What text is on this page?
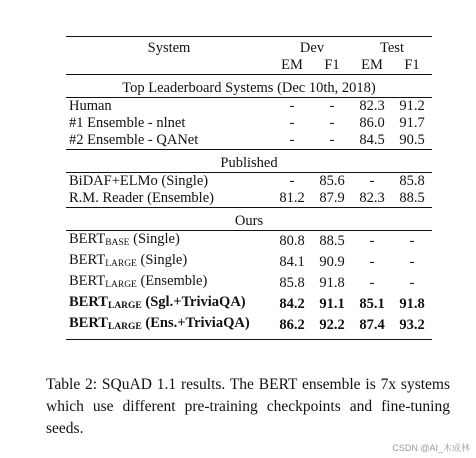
System	Dev		Test	
	EM	F1	EM	F1

Top Leaderboard Systems (Dec 10th, 2018)				

Human	-	-	82.3	91.2
#1 Ensemble - nlnet	-	-	86.0	91.7
#2 Ensemble - QANet	-	-	84.5	90.5

Published				

BiDAF+ELMo (Single)	-	85.6	-	85.8
R.M. Reader (Ensemble)	81.2	87.9	82.3	88.5

Ours				

$BERT_{BASE}$ (Single)	80.8	88.5	-	-
$BERT_{LARGE}$ (Single)	84.1	90.9	-	-
$BERT_{LARGE}$ (Ensemble)	85.8	91.8	-	-
$BERT_{LARGE}$ (Sgl.+TriviaQA)	84.2	91.1	85.1	91.8
$BERT_{LARGE}$ (Ens.+TriviaQA)	86.2	92.2	87.4	93.2

Table 2: SQuAD 1.1 results. The BERT ensemble is 7x systems which use different pre-training checkpoints and fine-tuning seeds.
CSDN @AI_木成林
